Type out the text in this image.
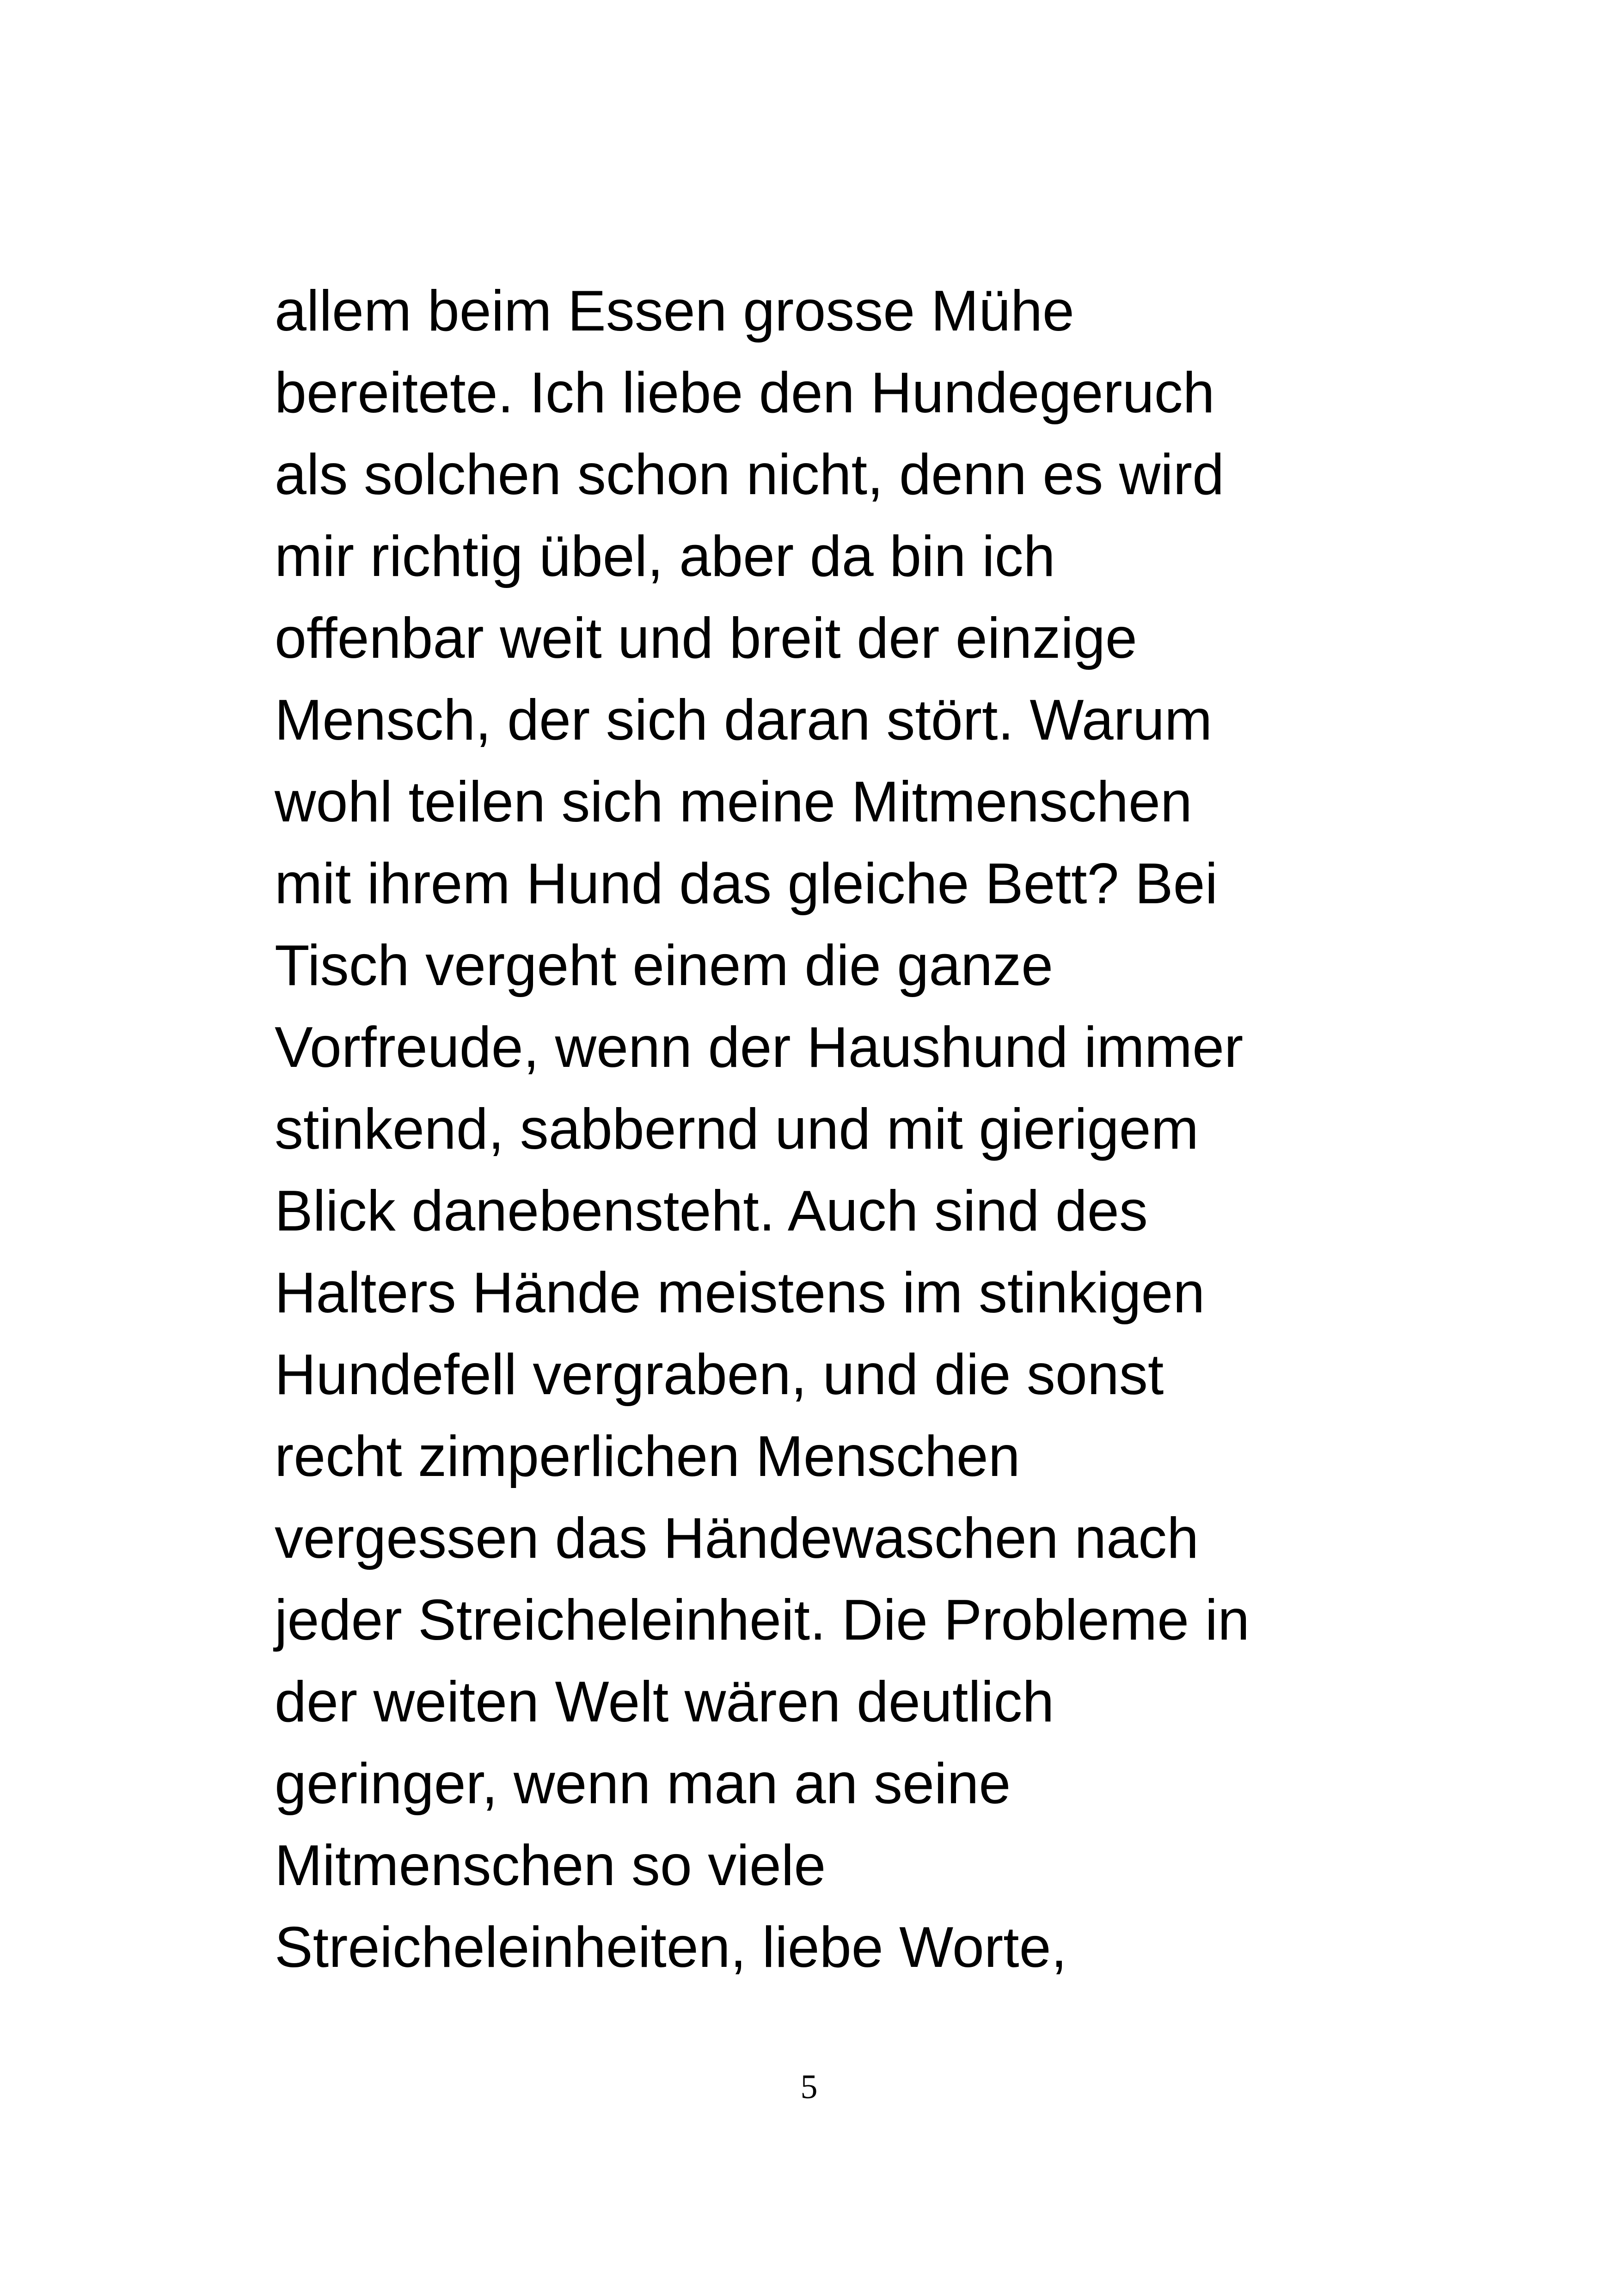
allem beim Essen grosse Mühe
bereitete. Ich liebe den Hundegeruch
als solchen schon nicht, denn es wird
mir richtig übel, aber da bin ich
offenbar weit und breit der einzige
Mensch, der sich daran stört. Warum
wohl teilen sich meine Mitmenschen
mit ihrem Hund das gleiche Bett? Bei
Tisch vergeht einem die ganze
Vorfreude, wenn der Haushund immer
stinkend, sabbernd und mit gierigem
Blick danebensteht. Auch sind des
Halters Hände meistens im stinkigen
Hundefell vergraben, und die sonst
recht zimperlichen Menschen
vergessen das Händewaschen nach
jeder Streicheleinheit. Die Probleme in
der weiten Welt wären deutlich
geringer, wenn man an seine
Mitmenschen so viele
Streicheleinheiten, liebe Worte,

5
